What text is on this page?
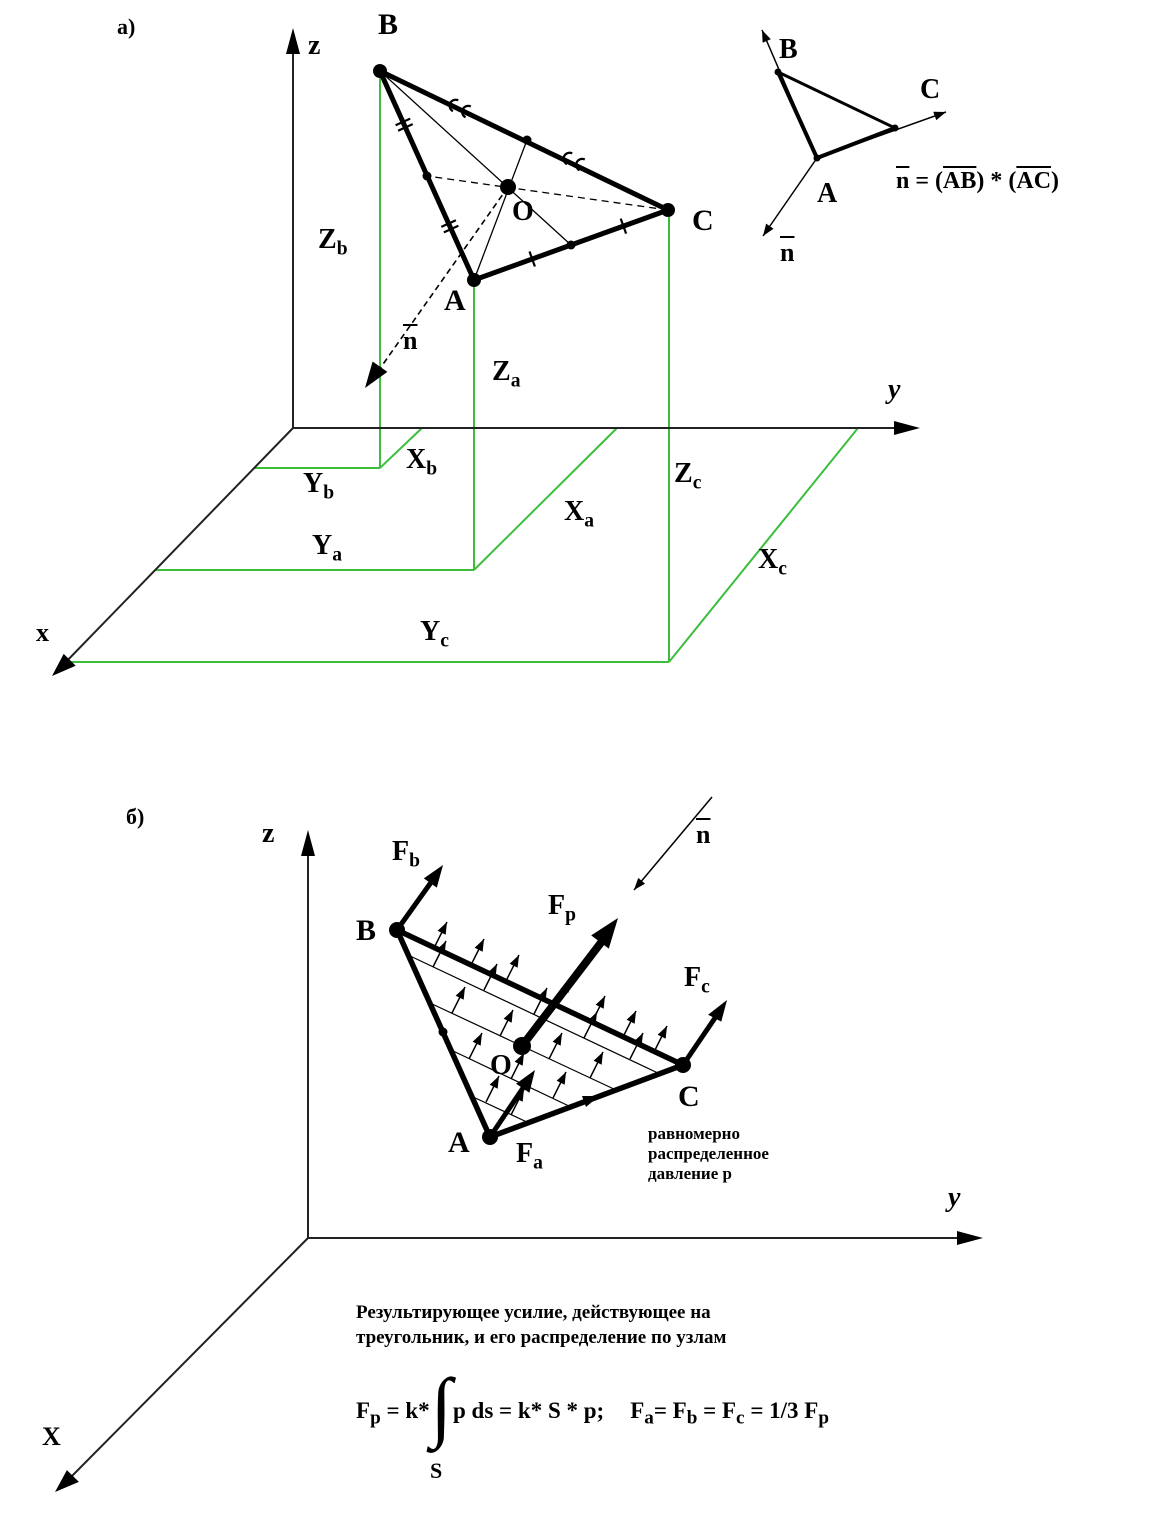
а)
z
y
x
B
C
A
O
$\overline{n}$
$Z_b$
$Z_a$
$Z_c$
$X_b$
$Y_b$
$X_a$
$Y_a$
$Y_c$
$X_c$
B
C
A
$\overline{n}$
$\overline{n} = (\overline{AB}) * (\overline{AC})$
б)
z
y
X
B
C
A
O
$\overline{n}$
$F_b$
$F_p$
$F_c$
$F_a$
равномерно
распределенное
давление p
Результирующее усилие, действующее на
треугольник, и его распределение по узлам
$F_p = k*\int p$ ds = k* S * p; $F_a= F_b = F_c = 1/3$ $F_p$
S
